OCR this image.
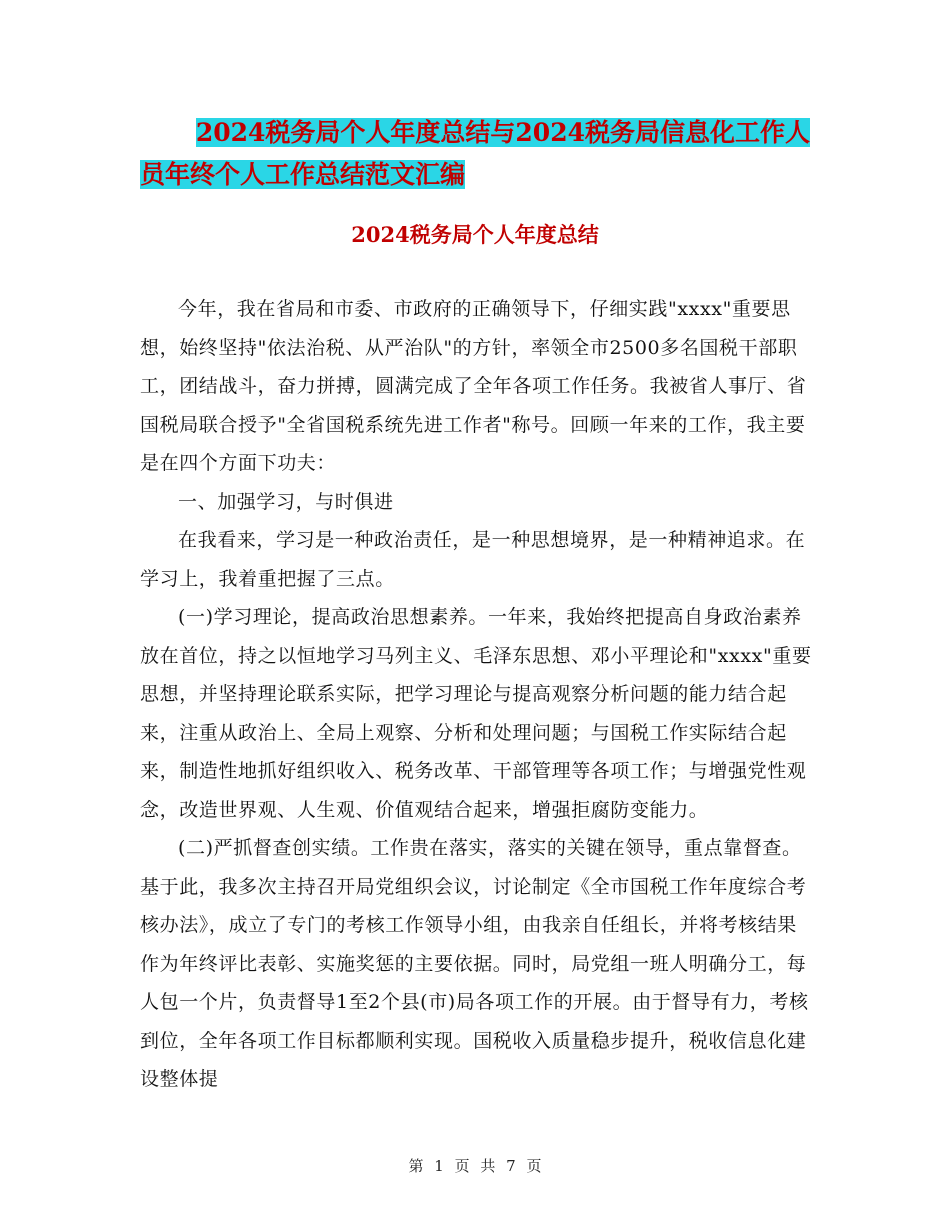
2024税务局个人年度总结与2024税务局信息化工作人
员年终个人工作总结范文汇编
2024税务局个人年度总结

今年，我在省局和市委、市政府的正确领导下，仔细实践"xxxx"重要思想，始终坚持"依法治税、从严治队"的方针，率领全市2500多名国税干部职工，团结战斗，奋力拼搏，圆满完成了全年各项工作任务。我被省人事厅、省国税局联合授予"全省国税系统先进工作者"称号。回顾一年来的工作，我主要是在四个方面下功夫：

一、加强学习，与时俱进

在我看来，学习是一种政治责任，是一种思想境界，是一种精神追求。在学习上，我着重把握了三点。

(一)学习理论，提高政治思想素养。一年来，我始终把提高自身政治素养放在首位，持之以恒地学习马列主义、毛泽东思想、邓小平理论和"xxxx"重要思想，并坚持理论联系实际，把学习理论与提高观察分析问题的能力结合起来，注重从政治上、全局上观察、分析和处理问题；与国税工作实际结合起来，制造性地抓好组织收入、税务改革、干部管理等各项工作；与增强党性观念，改造世界观、人生观、价值观结合起来，增强拒腐防变能力。

(二)严抓督查创实绩。工作贵在落实，落实的关键在领导，重点靠督查。基于此，我多次主持召开局党组织会议，讨论制定《全市国税工作年度综合考核办法》，成立了专门的考核工作领导小组，由我亲自任组长，并将考核结果作为年终评比表彰、实施奖惩的主要依据。同时，局党组一班人明确分工，每人包一个片，负责督导1至2个县(市)局各项工作的开展。由于督导有力，考核到位，全年各项工作目标都顺利实现。国税收入质量稳步提升，税收信息化建设整体提

第 1 页 共 7 页
